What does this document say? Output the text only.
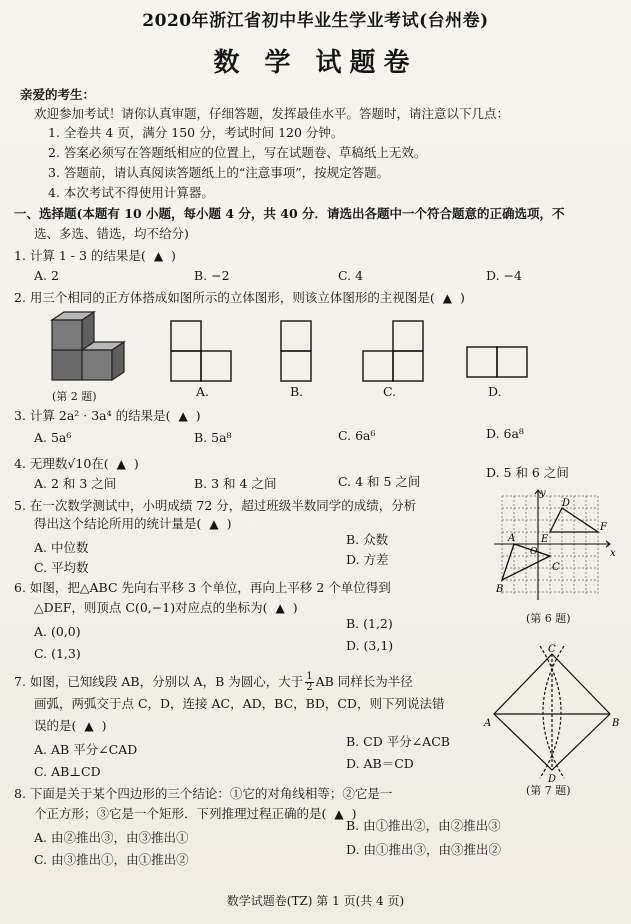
2020年浙江省初中毕业生学业考试(台州卷)
数 学 试题卷
亲爱的考生：
欢迎参加考试！请你认真审题，仔细答题，发挥最佳水平。答题时，请注意以下几点：
1. 全卷共 4 页，满分 150 分，考试时间 120 分钟。
2. 答案必须写在答题纸相应的位置上，写在试题卷、草稿纸上无效。
3. 答题前，请认真阅读答题纸上的“注意事项”，按规定答题。
4. 本次考试不得使用计算器。
一、选择题(本题有 10 小题，每小题 4 分，共 40 分．请选出各题中一个符合题意的正确选项，不
选、多选、错选，均不给分)
1. 计算 1 - 3 的结果是( ▲ )
A. 2	B. −2	C. 4	D. −4
2. 用三个相同的正方体搭成如图所示的立体图形，则该立体图形的主视图是( ▲ )
(第 2 题)	A.	B.	C.	D.
3. 计算 2a² · 3a⁴ 的结果是( ▲ )
A. 5a⁶	B. 5a⁸	C. 6a⁶	D. 6a⁸
4. 无理数√10在( ▲ )
A. 2 和 3 之间	B. 3 和 4 之间	C. 4 和 5 之间
D. 5 和 6 之间
5. 在一次数学测试中，小明成绩 72 分，超过班级半数同学的成绩，分析
得出这个结论所用的统计量是( ▲ )
A. 中位数
B. 众数
C. 平均数
D. 方差
y
x
O
A
B
C
D
E
F
(第 6 题)
6. 如图，把△ABC 先向右平移 3 个单位，再向上平移 2 个单位得到
△DEF，则顶点 C(0,−1)对应点的坐标为( ▲ )
A. (0,0)
B. (1,2)
C. (1,3)
D. (3,1)
A	B
C
D
(第 7 题)
7. 如图，已知线段 AB，分别以 A，B 为圆心，大于 $\frac{1}{2}$ AB 同样长为半径
画弧，两弧交于点 C，D，连接 AC，AD，BC，BD，CD，则下列说法错
误的是( ▲ )
A. AB 平分∠CAD
B. CD 平分∠ACB
C. AB⊥CD
D. AB＝CD
8. 下面是关于某个四边形的三个结论：①它的对角线相等；②它是一
个正方形；③它是一个矩形．下列推理过程正确的是( ▲ )
A. 由②推出③，由③推出①
B. 由①推出②，由②推出③
C. 由③推出①，由①推出②
D. 由①推出③，由③推出②
数学试题卷(TZ) 第 1 页(共 4 页)
